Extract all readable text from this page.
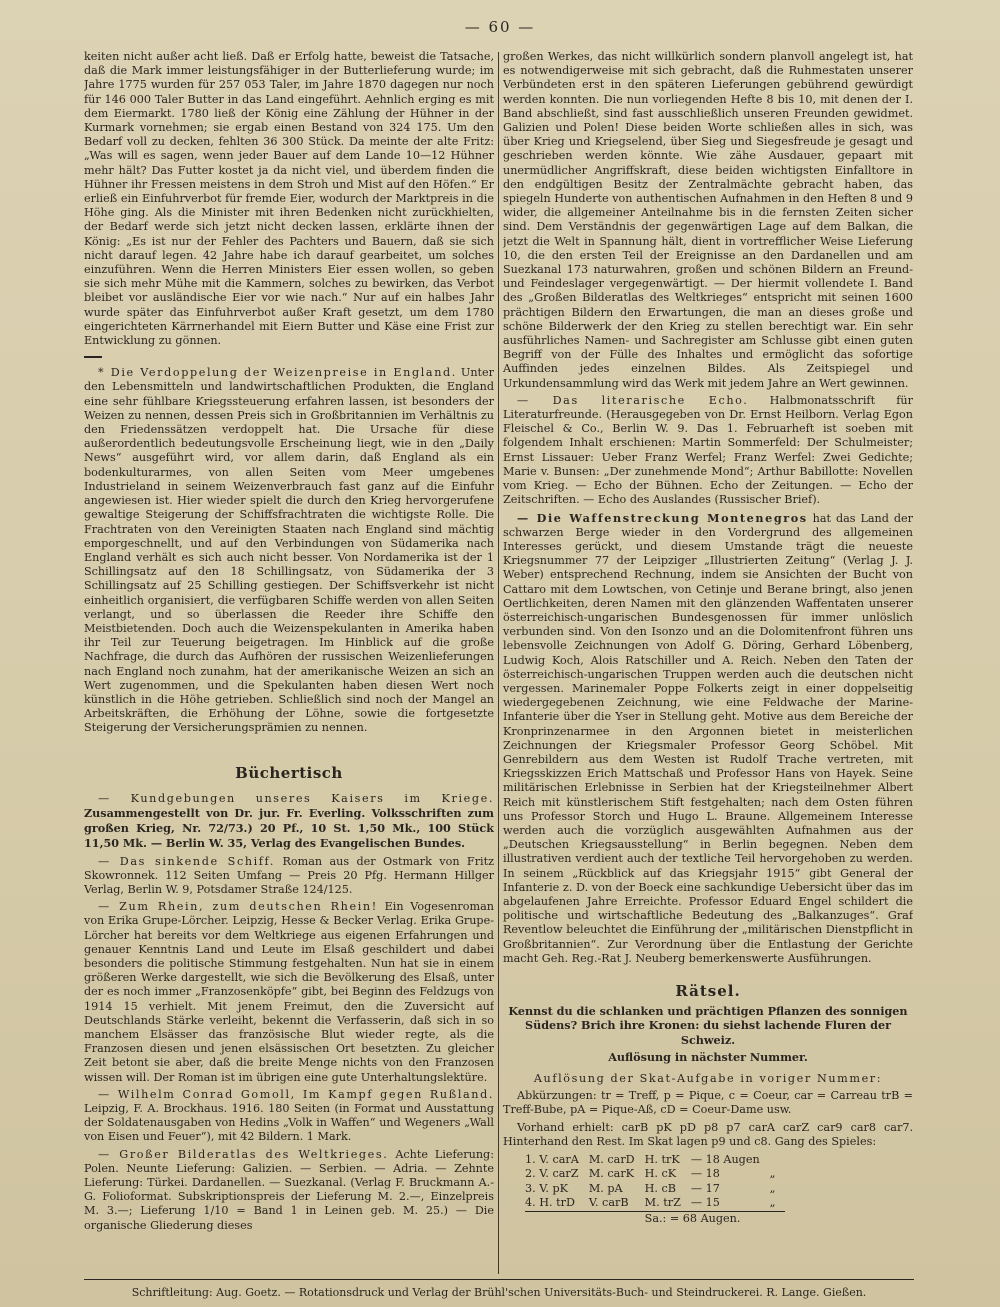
— 60 —

keiten nicht außer acht ließ. Daß er Erfolg hatte, beweist die Tatsache, daß die Mark immer leistungsfähiger in der Butterlieferung wurde; im Jahre 1775 wurden für 257 053 Taler, im Jahre 1870 dagegen nur noch für 146 000 Taler Butter in das Land eingeführt. Aehnlich erging es mit dem Eiermarkt. 1780 ließ der König eine Zählung der Hühner in der Kurmark vornehmen; sie ergab einen Bestand von 324 175. Um den Bedarf voll zu decken, fehlten 36 300 Stück. Da meinte der alte Fritz: „Was will es sagen, wenn jeder Bauer auf dem Lande 10—12 Hühner mehr hält? Das Futter kostet ja da nicht viel, und überdem finden die Hühner ihr Fressen meistens in dem Stroh und Mist auf den Höfen.“ Er erließ ein Einfuhrverbot für fremde Eier, wodurch der Marktpreis in die Höhe ging. Als die Minister mit ihren Bedenken nicht zurückhielten, der Bedarf werde sich jetzt nicht decken lassen, erklärte ihnen der König: „Es ist nur der Fehler des Pachters und Bauern, daß sie sich nicht darauf legen. 42 Jahre habe ich darauf gearbeitet, um solches einzuführen. Wenn die Herren Ministers Eier essen wollen, so geben sie sich mehr Mühe mit die Kammern, solches zu bewirken, das Verbot bleibet vor ausländische Eier vor wie nach.“ Nur auf ein halbes Jahr wurde später das Einfuhrverbot außer Kraft gesetzt, um dem 1780 eingerichteten Kärrnerhandel mit Eiern Butter und Käse eine Frist zur Entwicklung zu gönnen.

* Die Verdoppelung der Weizenpreise in England. Unter den Lebensmitteln und landwirtschaftlichen Produkten, die England eine sehr fühlbare Kriegssteuerung erfahren lassen, ist besonders der Weizen zu nennen, dessen Preis sich in Großbritannien im Verhältnis zu den Friedenssätzen verdoppelt hat. Die Ursache für diese außerordentlich bedeutungsvolle Erscheinung liegt, wie in den „Daily News“ ausgeführt wird, vor allem darin, daß England als ein bodenkulturarmes, von allen Seiten vom Meer umgebenes Industrieland in seinem Weizenverbrauch fast ganz auf die Einfuhr angewiesen ist. Hier wieder spielt die durch den Krieg hervorgerufene gewaltige Steigerung der Schiffsfrachtraten die wichtigste Rolle. Die Frachtraten von den Vereinigten Staaten nach England sind mächtig emporgeschnellt, und auf den Verbindungen von Südamerika nach England verhält es sich auch nicht besser. Von Nordamerika ist der 1 Schillingsatz auf den 18 Schillingsatz, von Südamerika der 3 Schillingsatz auf 25 Schilling gestiegen. Der Schiffsverkehr ist nicht einheitlich organisiert, die verfügbaren Schiffe werden von allen Seiten verlangt, und so überlassen die Reeder ihre Schiffe den Meistbietenden. Doch auch die Weizenspekulanten in Amerika haben ihr Teil zur Teuerung beigetragen. Im Hinblick auf die große Nachfrage, die durch das Aufhören der russischen Weizenlieferungen nach England noch zunahm, hat der amerikanische Weizen an sich an Wert zugenommen, und die Spekulanten haben diesen Wert noch künstlich in die Höhe getrieben. Schließlich sind noch der Mangel an Arbeitskräften, die Erhöhung der Löhne, sowie die fortgesetzte Steigerung der Versicherungsprämien zu nennen.

Büchertisch

— Kundgebungen unseres Kaisers im Kriege. Zusammengestellt von Dr. jur. Fr. Everling. Volksschriften zum großen Krieg, Nr. 72/73.) 20 Pf., 10 St. 1,50 Mk., 100 Stück 11,50 Mk. — Berlin W. 35, Verlag des Evangelischen Bundes.

— Das sinkende Schiff. Roman aus der Ostmark von Fritz Skowronnek. 112 Seiten Umfang — Preis 20 Pfg. Hermann Hillger Verlag, Berlin W. 9, Potsdamer Straße 124/125.

— Zum Rhein, zum deutschen Rhein! Ein Vogesenroman von Erika Grupe-Lörcher. Leipzig, Hesse & Becker Verlag. Erika Grupe-Lörcher hat bereits vor dem Weltkriege aus eigenen Erfahrungen und genauer Kenntnis Land und Leute im Elsaß geschildert und dabei besonders die politische Stimmung festgehalten. Nun hat sie in einem größeren Werke dargestellt, wie sich die Bevölkerung des Elsaß, unter der es noch immer „Franzosenköpfe“ gibt, bei Beginn des Feldzugs von 1914 15 verhielt. Mit jenem Freimut, den die Zuversicht auf Deutschlands Stärke verleiht, bekennt die Verfasserin, daß sich in so manchem Elsässer das französische Blut wieder regte, als die Franzosen diesen und jenen elsässischen Ort besetzten. Zu gleicher Zeit betont sie aber, daß die breite Menge nichts von den Franzosen wissen will. Der Roman ist im übrigen eine gute Unterhaltungslektüre.

— Wilhelm Conrad Gomoll, Im Kampf gegen Rußland. Leipzig, F. A. Brockhaus. 1916. 180 Seiten (in Format und Ausstattung der Soldatenausgaben von Hedins „Volk in Waffen“ und Wegeners „Wall von Eisen und Feuer“), mit 42 Bildern. 1 Mark.

— Großer Bilderatlas des Weltkrieges. Achte Lieferung: Polen. Neunte Lieferung: Galizien. — Serbien. — Adria. — Zehnte Lieferung: Türkei. Dardanellen. — Suezkanal. (Verlag F. Bruckmann A.-G. Folioformat. Subskriptionspreis der Lieferung M. 2.—, Einzelpreis M. 3.—; Lieferung 1/10 = Band 1 in Leinen geb. M. 25.) — Die organische Gliederung dieses

großen Werkes, das nicht willkürlich sondern planvoll angelegt ist, hat es notwendigerweise mit sich gebracht, daß die Ruhmestaten unserer Verbündeten erst in den späteren Lieferungen gebührend gewürdigt werden konnten. Die nun vorliegenden Hefte 8 bis 10, mit denen der I. Band abschließt, sind fast ausschließlich unseren Freunden gewidmet. Galizien und Polen! Diese beiden Worte schließen alles in sich, was über Krieg und Kriegselend, über Sieg und Siegesfreude je gesagt und geschrieben werden könnte. Wie zähe Ausdauer, gepaart mit unermüdlicher Angriffskraft, diese beiden wichtigsten Einfalltore in den endgültigen Besitz der Zentralmächte gebracht haben, das spiegeln Hunderte von authentischen Aufnahmen in den Heften 8 und 9 wider, die allgemeiner Anteilnahme bis in die fernsten Zeiten sicher sind. Dem Verständnis der gegenwärtigen Lage auf dem Balkan, die jetzt die Welt in Spannung hält, dient in vortrefflicher Weise Lieferung 10, die den ersten Teil der Ereignisse an den Dardanellen und am Suezkanal 173 naturwahren, großen und schönen Bildern an Freund- und Feindeslager vergegenwärtigt. — Der hiermit vollendete I. Band des „Großen Bilderatlas des Weltkrieges“ entspricht mit seinen 1600 prächtigen Bildern den Erwartungen, die man an dieses große und schöne Bilderwerk der den Krieg zu stellen berechtigt war. Ein sehr ausführliches Namen- und Sachregister am Schlusse gibt einen guten Begriff von der Fülle des Inhaltes und ermöglicht das sofortige Auffinden jedes einzelnen Bildes. Als Zeitspiegel und Urkundensammlung wird das Werk mit jedem Jahre an Wert gewinnen.

— Das literarische Echo. Halbmonatsschrift für Literaturfreunde. (Herausgegeben von Dr. Ernst Heilborn. Verlag Egon Fleischel & Co., Berlin W. 9. Das 1. Februarheft ist soeben mit folgendem Inhalt erschienen: Martin Sommerfeld: Der Schulmeister; Ernst Lissauer: Ueber Franz Werfel; Franz Werfel: Zwei Gedichte; Marie v. Bunsen: „Der zunehmende Mond“; Arthur Babillotte: Novellen vom Krieg. — Echo der Bühnen. Echo der Zeitungen. — Echo der Zeitschriften. — Echo des Auslandes (Russischer Brief).

— Die Waffenstreckung Montenegros hat das Land der schwarzen Berge wieder in den Vordergrund des allgemeinen Interesses gerückt, und diesem Umstande trägt die neueste Kriegsnummer 77 der Leipziger „Illustrierten Zeitung“ (Verlag J. J. Weber) entsprechend Rechnung, indem sie Ansichten der Bucht von Cattaro mit dem Lowtschen, von Cetinje und Berane bringt, also jenen Oertlichkeiten, deren Namen mit den glänzenden Waffentaten unserer österreichisch-ungarischen Bundesgenossen für immer unlöslich verbunden sind. Von den Isonzo und an die Dolomitenfront führen uns lebensvolle Zeichnungen von Adolf G. Döring, Gerhard Löbenberg, Ludwig Koch, Alois Ratschiller und A. Reich. Neben den Taten der österreichisch-ungarischen Truppen werden auch die deutschen nicht vergessen. Marinemaler Poppe Folkerts zeigt in einer doppelseitig wiedergegebenen Zeichnung, wie eine Feldwache der Marine-Infanterie über die Yser in Stellung geht. Motive aus dem Bereiche der Kronprinzenarmee in den Argonnen bietet in meisterlichen Zeichnungen der Kriegsmaler Professor Georg Schöbel. Mit Genrebildern aus dem Westen ist Rudolf Trache vertreten, mit Kriegsskizzen Erich Mattschaß und Professor Hans von Hayek. Seine militärischen Erlebnisse in Serbien hat der Kriegsteilnehmer Albert Reich mit künstlerischem Stift festgehalten; nach dem Osten führen uns Professor Storch und Hugo L. Braune. Allgemeinem Interesse werden auch die vorzüglich ausgewählten Aufnahmen aus der „Deutschen Kriegsausstellung“ in Berlin begegnen. Neben dem illustrativen verdient auch der textliche Teil hervorgehoben zu werden. In seinem „Rückblick auf das Kriegsjahr 1915“ gibt General der Infanterie z. D. von der Boeck eine sachkundige Uebersicht über das im abgelaufenen Jahre Erreichte. Professor Eduard Engel schildert die politische und wirtschaftliche Bedeutung des „Balkanzuges“. Graf Reventlow beleuchtet die Einführung der „militärischen Dienstpflicht in Großbritannien“. Zur Verordnung über die Entlastung der Gerichte macht Geh. Reg.-Rat J. Neuberg bemerkenswerte Ausführungen.

Rätsel.

Kennst du die schlanken und prächtigen Pflanzen des sonnigen Südens? Brich ihre Kronen: du siehst lachende Fluren der Schweiz.

Auflösung in nächster Nummer.

Auflösung der Skat-Aufgabe in voriger Nummer:

Abkürzungen: tr = Treff, p = Pique, c = Coeur, car = Carreau trB = Treff-Bube, pA = Pique-Aß, cD = Coeur-Dame usw.

Vorhand erhielt: carB pK pD p8 p7 carA carZ car9 car8 car7. Hinterhand den Rest. Im Skat lagen p9 und c8. Gang des Spieles:

1. V. carA	M. carD	H. trK	— 18 Augen	
2. V. carZ	M. carK	H. cK	— 18	„
3. V. pK	M. pA	H. cB	— 17	„
4. H. trD	V. carB	M. trZ	— 15	„
		Sa.: = 68 Augen.		
Schriftleitung: Aug. Goetz. — Rotationsdruck und Verlag der Brühl'schen Universitäts-Buch- und Steindruckerei. R. Lange. Gießen.
